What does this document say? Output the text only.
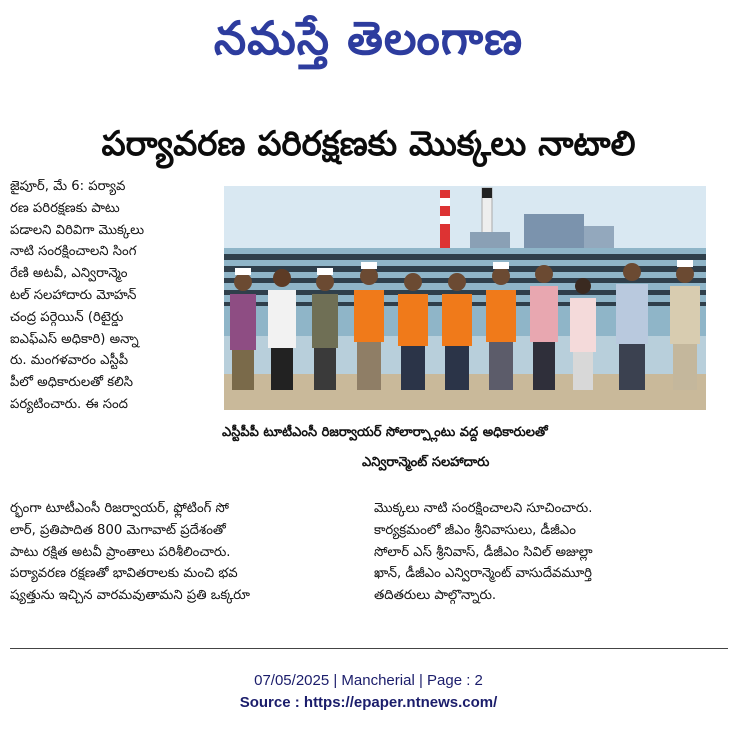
నమస్తే తెలంగాణ
పర్యావరణ పరిరక్షణకు మొక్కలు నాటాలి
జైపూర్, మే 6: పర్యావ
రణ పరిరక్షణకు పాటు
పడాలని విరివిగా మొక్కలు
నాటి సంరక్షించాలని సింగ
రేణి అటవీ, ఎన్విరాన్మెం
టల్ సలహాదారు మోహన్
చంద్ర పర్గెయిన్ (రిటైర్డు
ఐఎఫ్ఎస్ అధికారి) అన్నా
రు. మంగళవారం ఎస్టీపీ
పీలో అధికారులతో కలిసి
పర్యటించారు. ఈ సంద
ఎస్టీపీపీ టూటీఎంసీ రిజర్వాయర్ సోలార్ప్లాంటు వద్ద అధికారులతో
ఎన్విరాన్మెంట్ సలహాదారు
ర్భంగా టూటీఎంసీ రిజర్వాయర్, ఫ్లోటింగ్ సో
లార్, ప్రతిపాదిత 800 మెగావాట్ ప్రదేశంతో
పాటు రక్షిత అటవీ ప్రాంతాలు పరిశీలించారు.
పర్యావరణ రక్షణతో భావితరాలకు మంచి భవ
ష్యత్తును ఇచ్చిన వారమవుతామని ప్రతి ఒక్కరూ
మొక్కలు నాటి సంరక్షించాలని సూచించారు.
కార్యక్రమంలో జీఎం శ్రీనివాసులు, డీజీఎం
సోలార్ ఎస్ శ్రీనివాస్, డీజీఎం సివిల్ అజుల్లా
ఖాన్, డీజీఎం ఎన్విరాన్మెంట్ వాసుదేవమూర్తి
తదితరులు పాల్గొన్నారు.
07/05/2025 | Mancherial | Page : 2
Source : https://epaper.ntnews.com/
